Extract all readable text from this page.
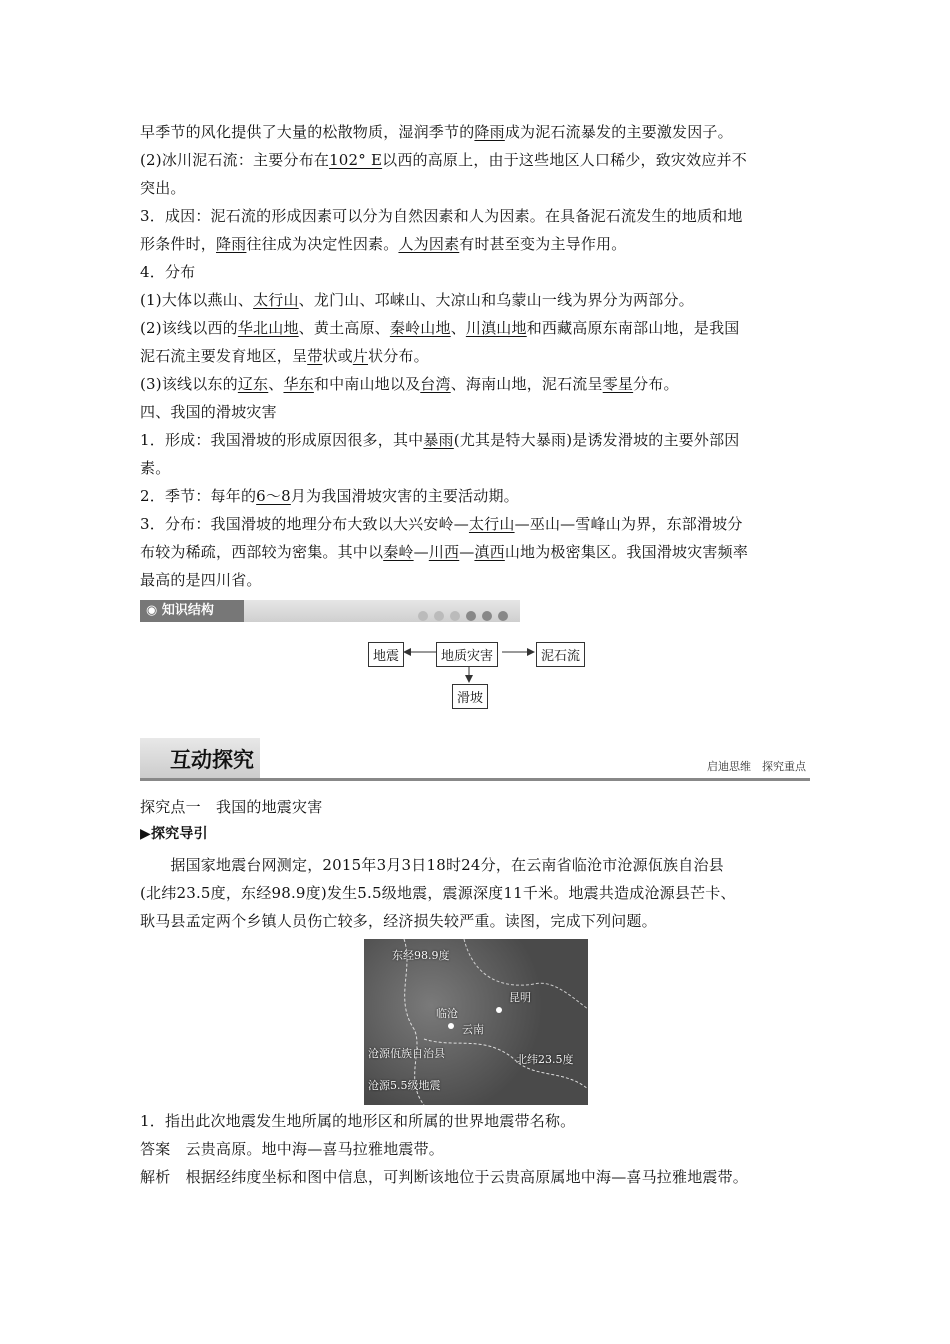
早季节的风化提供了大量的松散物质，湿润季节的降雨成为泥石流暴发的主要激发因子。

(2)冰川泥石流：主要分布在102° E以西的高原上，由于这些地区人口稀少，致灾效应并不

突出。

3．成因：泥石流的形成因素可以分为自然因素和人为因素。在具备泥石流发生的地质和地

形条件时，降雨往往成为决定性因素。人为因素有时甚至变为主导作用。

4．分布

(1)大体以燕山、太行山、龙门山、邛崃山、大凉山和乌蒙山一线为界分为两部分。

(2)该线以西的华北山地、黄土高原、秦岭山地、川滇山地和西藏高原东南部山地，是我国

泥石流主要发育地区，呈带状或片状分布。

(3)该线以东的辽东、华东和中南山地以及台湾、海南山地，泥石流呈零星分布。

四、我国的滑坡灾害

1．形成：我国滑坡的形成原因很多，其中暴雨(尤其是特大暴雨)是诱发滑坡的主要外部因

素。

2．季节：每年的6～8月为我国滑坡灾害的主要活动期。

3．分布：我国滑坡的地理分布大致以大兴安岭—太行山—巫山—雪峰山为界，东部滑坡分

布较为稀疏，西部较为密集。其中以秦岭—川西—滇西山地为极密集区。我国滑坡灾害频率

最高的是四川省。

◉ 知识结构
地质灾害
地震	泥石流
滑坡
互动探究	启迪思维　探究重点

探究点一　我国的地震灾害

▶探究导引

　　据国家地震台网测定，2015年3月3日18时24分，在云南省临沧市沧源佤族自治县

(北纬23.5度，东经98.9度)发生5.5级地震，震源深度11千米。地震共造成沧源县芒卡、

耿马县孟定两个乡镇人员伤亡较多，经济损失较严重。读图，完成下列问题。

东经98.9度
昆明
临沧
云南
沧源佤族自治县	北纬23.5度
沧源5.5级地震

1．指出此次地震发生地所属的地形区和所属的世界地震带名称。

答案　云贵高原。地中海—喜马拉雅地震带。

解析　根据经纬度坐标和图中信息，可判断该地位于云贵高原属地中海—喜马拉雅地震带。
